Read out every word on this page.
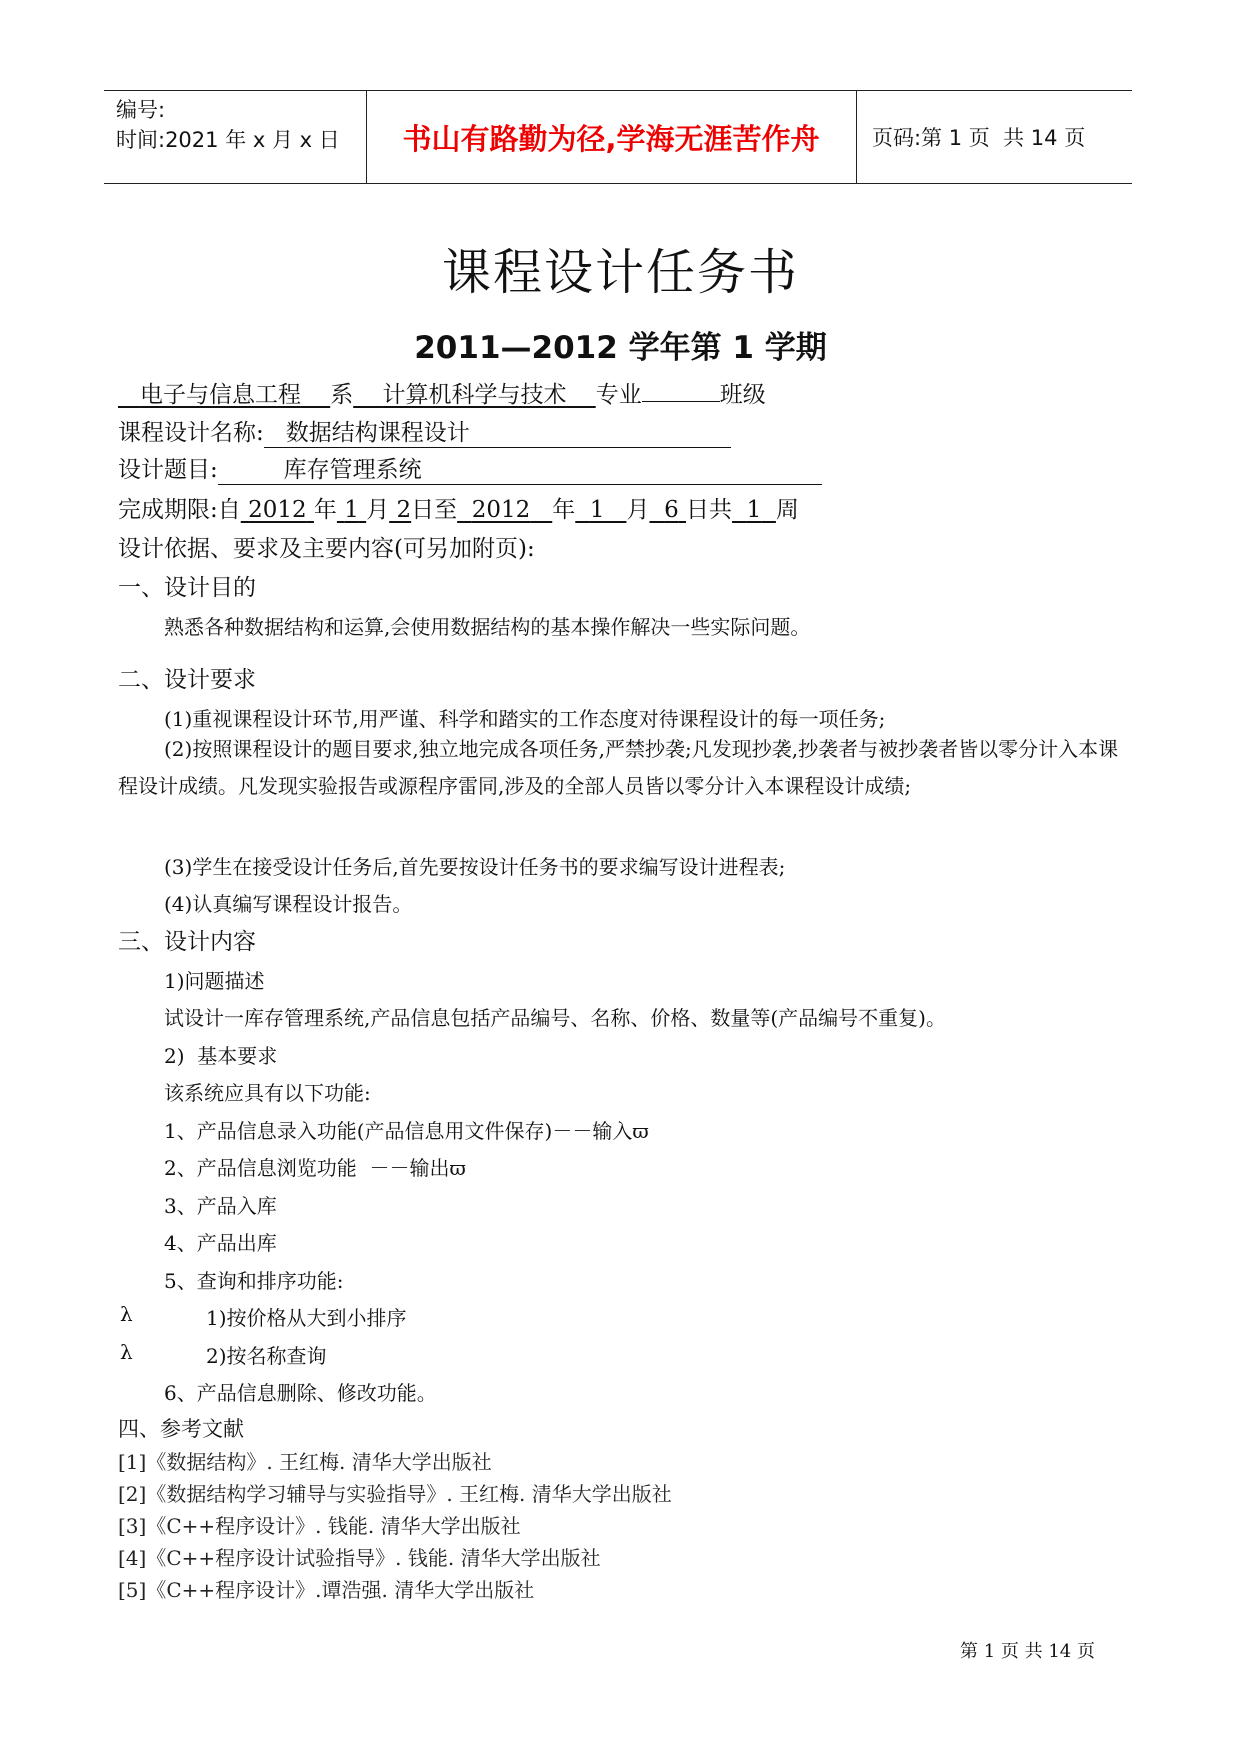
编号:
时间:2021 年 x 月 x 日	书山有路勤为径,学海无涯苦作舟	页码:第 1 页  共 14 页
课程设计任务书
2011—2012 学年第 1 学期
电子与信息工程 系 计算机科学与技术 专业	班级
课程设计名称: 数据结构课程设计
设计题目:	库存管理系统
完成期限:自 2012 年 1 月 2日至 2012 年 1 月 6 日共 1 周
设计依据、要求及主要内容(可另加附页):
一、设计目的
熟悉各种数据结构和运算,会使用数据结构的基本操作解决一些实际问题。
二、设计要求
(1)重视课程设计环节,用严谨、科学和踏实的工作态度对待课程设计的每一项任务;
(2)按照课程设计的题目要求,独立地完成各项任务,严禁抄袭;凡发现抄袭,抄袭者与被抄袭者皆以零分计入本课程设计成绩。凡发现实验报告或源程序雷同,涉及的全部人员皆以零分计入本课程设计成绩;
(3)学生在接受设计任务后,首先要按设计任务书的要求编写设计进程表;
(4)认真编写课程设计报告。
三、设计内容
1)问题描述
试设计一库存管理系统,产品信息包括产品编号、名称、价格、数量等(产品编号不重复)。
2)  基本要求
该系统应具有以下功能:
1、产品信息录入功能(产品信息用文件保存)－－输入ϖ
2、产品信息浏览功能  －－输出ϖ
3、产品入库
4、产品出库
5、查询和排序功能:
λ	1)按价格从大到小排序
λ	2)按名称查询
6、产品信息删除、修改功能。
四、参考文献
[1]《数据结构》. 王红梅. 清华大学出版社
[2]《数据结构学习辅导与实验指导》. 王红梅. 清华大学出版社
[3]《C++程序设计》. 钱能. 清华大学出版社
[4]《C++程序设计试验指导》. 钱能. 清华大学出版社
[5]《C++程序设计》.谭浩强. 清华大学出版社
第 1 页 共 14 页
